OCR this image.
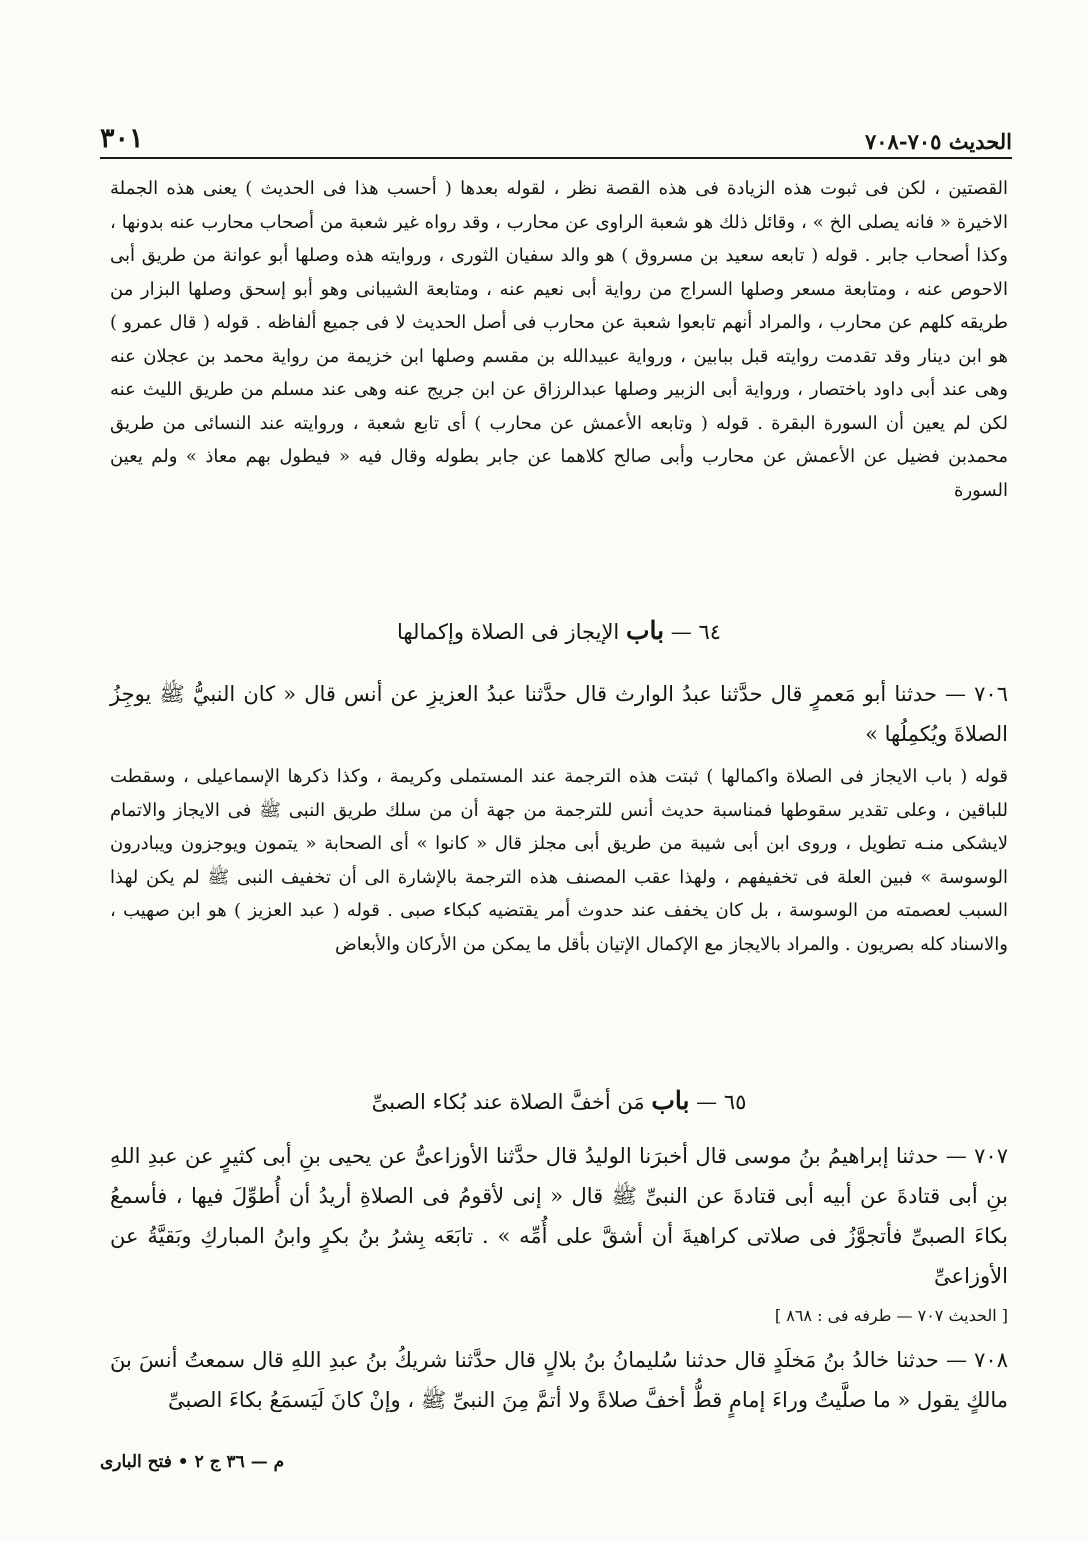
الحديث ٧٠٥-٧٠٨
٣٠١

القصتين ، لكن فى ثبوت هذه الزيادة فى هذه القصة نظر ، لقوله بعدها ( أحسب هذا فى الحديث ) يعنى هذه الجملة الاخيرة « فانه يصلى الخ » ، وقائل ذلك هو شعبة الراوى عن محارب ، وقد رواه غير شعبة من أصحاب محارب عنه بدونها ، وكذا أصحاب جابر . قوله ( تابعه سعيد بن مسروق ) هو والد سفيان الثورى ، وروايته هذه وصلها أبو عوانة من طريق أبى الاحوص عنه ، ومتابعة مسعر وصلها السراج من رواية أبى نعيم عنه ، ومتابعة الشيبانى وهو أبو إسحق وصلها البزار من طريقه كلهم عن محارب ، والمراد أنهم تابعوا شعبة عن محارب فى أصل الحديث لا فى جميع ألفاظه . قوله ( قال عمرو ) هو ابن دينار وقد تقدمت روايته قبل ببابين ، ورواية عبيدالله بن مقسم وصلها ابن خزيمة من رواية محمد بن عجلان عنه وهى عند أبى داود باختصار ، ورواية أبى الزبير وصلها عبدالرزاق عن ابن جريج عنه وهى عند مسلم من طريق الليث عنه لكن لم يعين أن السورة البقرة . قوله ( وتابعه الأعمش عن محارب ) أى تابع شعبة ، وروايته عند النسائى من طريق محمدبن فضيل عن الأعمش عن محارب وأبى صالح كلاهما عن جابر بطوله وقال فيه « فيطول بهم معاذ » ولم يعين السورة

٦٤ — باب الإيجاز فى الصلاة وإكمالها

٧٠٦ — حدثنا أبو مَعمرٍ قال حدَّثنا عبدُ الوارث قال حدَّثنا عبدُ العزيزِ عن أنس قال « كان النبيُّ ﷺ يوجِزُ الصلاةَ ويُكمِلُها »

قوله ( باب الايجاز فى الصلاة واكمالها ) ثبتت هذه الترجمة عند المستملى وكريمة ، وكذا ذكرها الإسماعيلى ، وسقطت للباقين ، وعلى تقدير سقوطها فمناسبة حديث أنس للترجمة من جهة أن من سلك طريق النبى ﷺ فى الايجاز والاتمام لايشكى منـه تطويل ، وروى ابن أبى شيبة من طريق أبى مجلز قال « كانوا » أى الصحابة « يتمون ويوجزون ويبادرون الوسوسة » فبين العلة فى تخفيفهم ، ولهذا عقب المصنف هذه الترجمة بالإشارة الى أن تخفيف النبى ﷺ لم يكن لهذا السبب لعصمته من الوسوسة ، بل كان يخفف عند حدوث أمر يقتضيه كبكاء صبى . قوله ( عبد العزيز ) هو ابن صهيب ، والاسناد كله بصريون . والمراد بالايجاز مع الإكمال الإتيان بأقل ما يمكن من الأركان والأبعاض

٦٥ — باب مَن أخفَّ الصلاة عند بُكاء الصبىِّ

٧٠٧ — حدثنا إبراهيمُ بنُ موسى قال أخبرَنا الوليدُ قال حدَّثنا الأوزاعىُّ عن يحيى بنِ أبى كثيرٍ عن عبدِ اللهِ بنِ أبى قتادةَ عن أبيه أبى قتادةَ عن النبىِّ ﷺ قال « إنى لأقومُ فى الصلاةِ أريدُ أن أُطوِّلَ فيها ، فأسمعُ بكاءَ الصبىِّ فأتجوَّزُ فى صلاتى كراهيةَ أن أشقَّ على أُمِّه » . تابَعَه بِشرُ بنُ بكرٍ وابنُ المباركِ وبَقيَّةُ عن الأوزاعىِّ

[ الحديث ٧٠٧ — طرفه فى : ٨٦٨ ]

٧٠٨ — حدثنا خالدُ بنُ مَخلَدٍ قال حدثنا سُليمانُ بنُ بلالٍ قال حدَّثنا شريكُ بنُ عبدِ اللهِ قال سمعتُ أنسَ بنَ مالكٍ يقول « ما صلَّيتُ وراءَ إمامٍ قطُّ أخفَّ صلاةً ولا أتمَّ مِنَ النبىِّ ﷺ ، وإنْ كانَ لَيَسمَعُ بكاءَ الصبىِّ

م — ٣٦ ج ٢ • فتح البارى
